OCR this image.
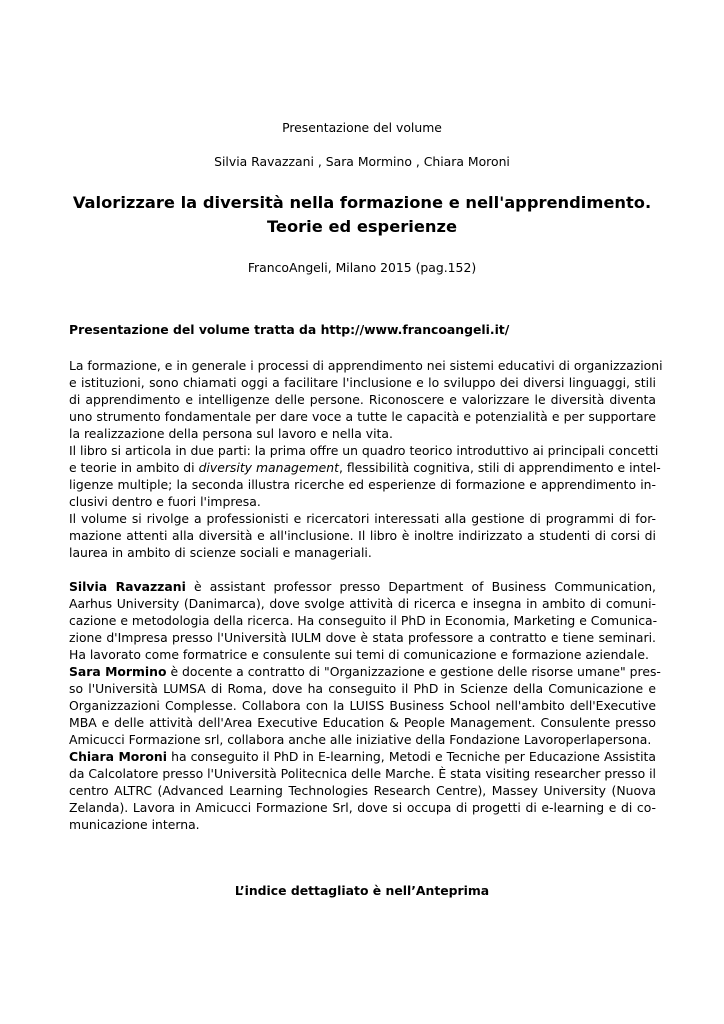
Presentazione del volume
Silvia Ravazzani , Sara Mormino , Chiara Moroni
Valorizzare la diversità nella formazione e nell'apprendimento.
Teorie ed esperienze
FrancoAngeli, Milano 2015 (pag.152)
Presentazione del volume tratta da http://www.francoangeli.it/
La formazione, e in generale i processi di apprendimento nei sistemi educativi di organizzazioni
e istituzioni, sono chiamati oggi a facilitare l'inclusione e lo sviluppo dei diversi linguaggi, stili
di apprendimento e intelligenze delle persone. Riconoscere e valorizzare le diversità diventa
uno strumento fondamentale per dare voce a tutte le capacità e potenzialità e per supportare
la realizzazione della persona sul lavoro e nella vita.
Il libro si articola in due parti: la prima offre un quadro teorico introduttivo ai principali concetti
e teorie in ambito di diversity management, flessibilità cognitiva, stili di apprendimento e intel-
ligenze multiple; la seconda illustra ricerche ed esperienze di formazione e apprendimento in-
clusivi dentro e fuori l'impresa.
Il volume si rivolge a professionisti e ricercatori interessati alla gestione di programmi di for-
mazione attenti alla diversità e all'inclusione. Il libro è inoltre indirizzato a studenti di corsi di
laurea in ambito di scienze sociali e manageriali.
Silvia Ravazzani è assistant professor presso Department of Business Communication,
Aarhus University (Danimarca), dove svolge attività di ricerca e insegna in ambito di comuni-
cazione e metodologia della ricerca. Ha conseguito il PhD in Economia, Marketing e Comunica-
zione d'Impresa presso l'Università IULM dove è stata professore a contratto e tiene seminari.
Ha lavorato come formatrice e consulente sui temi di comunicazione e formazione aziendale.
Sara Mormino è docente a contratto di "Organizzazione e gestione delle risorse umane" pres-
so l'Università LUMSA di Roma, dove ha conseguito il PhD in Scienze della Comunicazione e
Organizzazioni Complesse. Collabora con la LUISS Business School nell'ambito dell'Executive
MBA e delle attività dell'Area Executive Education & People Management. Consulente presso
Amicucci Formazione srl, collabora anche alle iniziative della Fondazione Lavoroperlapersona.
Chiara Moroni ha conseguito il PhD in E-learning, Metodi e Tecniche per Educazione Assistita
da Calcolatore presso l'Università Politecnica delle Marche. È stata visiting researcher presso il
centro ALTRC (Advanced Learning Technologies Research Centre), Massey University (Nuova
Zelanda). Lavora in Amicucci Formazione Srl, dove si occupa di progetti di e-learning e di co-
municazione interna.
L’indice dettagliato è nell’Anteprima
